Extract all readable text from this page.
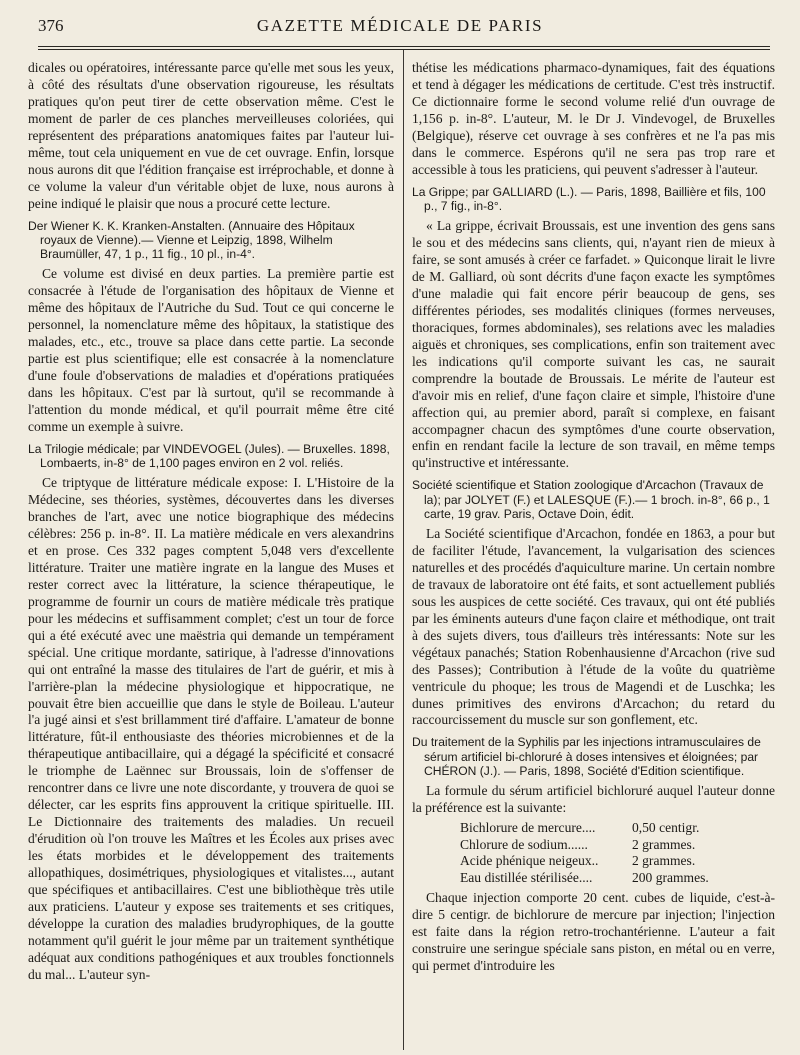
376	GAZETTE MÉDICALE DE PARIS

dicales ou opératoires, intéressante parce qu'elle met sous les yeux, à côté des résultats d'une observation rigoureuse, les résultats pratiques qu'on peut tirer de cette observation même. C'est le moment de parler de ces planches merveilleuses coloriées, qui représentent des préparations anatomiques faites par l'auteur lui-même, tout cela uniquement en vue de cet ouvrage. Enfin, lorsque nous aurons dit que l'édition française est irréprochable, et donne à ce volume la valeur d'un véritable objet de luxe, nous aurons à peine indiqué le plaisir que nous a procuré cette lecture.

Der Wiener K. K. Kranken-Anstalten. (Annuaire des Hôpitaux royaux de Vienne).— Vienne et Leipzig, 1898, Wilhelm Braumüller, 47, 1 p., 11 fig., 10 pl., in-4°.

Ce volume est divisé en deux parties. La première partie est consacrée à l'étude de l'organisation des hôpitaux de Vienne et même des hôpitaux de l'Autriche du Sud. Tout ce qui concerne le personnel, la nomenclature même des hôpitaux, la statistique des malades, etc., etc., trouve sa place dans cette partie. La seconde partie est plus scientifique; elle est consacrée à la nomenclature d'une foule d'observations de maladies et d'opérations pratiquées dans les hôpitaux. C'est par là surtout, qu'il se recommande à l'attention du monde médical, et qu'il pourrait même être cité comme un exemple à suivre.

La Trilogie médicale; par VINDEVOGEL (Jules). — Bruxelles. 1898, Lombaerts, in-8° de 1,100 pages environ en 2 vol. reliés.

Ce triptyque de littérature médicale expose: I. L'Histoire de la Médecine, ses théories, systèmes, découvertes dans les diverses branches de l'art, avec une notice biographique des médecins célèbres: 256 p. in-8°. II. La matière médicale en vers alexandrins et en prose. Ces 332 pages comptent 5,048 vers d'excellente littérature. Traiter une matière ingrate en la langue des Muses et rester correct avec la littérature, la science thérapeutique, le programme de fournir un cours de matière médicale très pratique pour les médecins et suffisamment complet; c'est un tour de force qui a été exécuté avec une maëstria qui demande un tempérament spécial. Une critique mordante, satirique, à l'adresse d'innovations qui ont entraîné la masse des titulaires de l'art de guérir, et mis à l'arrière-plan la médecine physiologique et hippocratique, ne pouvait être bien accueillie que dans le style de Boileau. L'auteur l'a jugé ainsi et s'est brillamment tiré d'affaire. L'amateur de bonne littérature, fût-il enthousiaste des théories microbiennes et de la thérapeutique antibacillaire, qui a dégagé la spécificité et consacré le triomphe de Laënnec sur Broussais, loin de s'offenser de rencontrer dans ce livre une note discordante, y trouvera de quoi se délecter, car les esprits fins approuvent la critique spirituelle. III. Le Dictionnaire des traitements des maladies. Un recueil d'érudition où l'on trouve les Maîtres et les Écoles aux prises avec les états morbides et le développement des traitements allopathiques, dosimétriques, physiologiques et vitalistes..., autant que spécifiques et antibacillaires. C'est une bibliothèque très utile aux praticiens. L'auteur y expose ses traitements et ses critiques, développe la curation des maladies brudyrophiques, de la goutte notamment qu'il guérit le jour même par un traitement synthétique adéquat aux conditions pathogéniques et aux troubles fonctionnels du mal... L'auteur syn-

thétise les médications pharmaco-dynamiques, fait des équations et tend à dégager les médications de certitude. C'est très instructif. Ce dictionnaire forme le second volume relié d'un ouvrage de 1,156 p. in-8°. L'auteur, M. le Dr J. Vindevogel, de Bruxelles (Belgique), réserve cet ouvrage à ses confrères et ne l'a pas mis dans le commerce. Espérons qu'il ne sera pas trop rare et accessible à tous les praticiens, qui peuvent s'adresser à l'auteur.

La Grippe; par GALLIARD (L.). — Paris, 1898, Baillière et fils, 100 p., 7 fig., in-8°.

« La grippe, écrivait Broussais, est une invention des gens sans le sou et des médecins sans clients, qui, n'ayant rien de mieux à faire, se sont amusés à créer ce farfadet. » Quiconque lirait le livre de M. Galliard, où sont décrits d'une façon exacte les symptômes d'une maladie qui fait encore périr beaucoup de gens, ses différentes périodes, ses modalités cliniques (formes nerveuses, thoraciques, formes abdominales), ses relations avec les maladies aiguës et chroniques, ses complications, enfin son traitement avec les indications qu'il comporte suivant les cas, ne saurait comprendre la boutade de Broussais. Le mérite de l'auteur est d'avoir mis en relief, d'une façon claire et simple, l'histoire d'une affection qui, au premier abord, paraît si complexe, en faisant accompagner chacun des symptômes d'une courte observation, enfin en rendant facile la lecture de son travail, en même temps qu'instructive et intéressante.

Société scientifique et Station zoologique d'Arcachon (Travaux de la); par JOLYET (F.) et LALESQUE (F.).— 1 broch. in-8°, 66 p., 1 carte, 19 grav. Paris, Octave Doin, édit.

La Société scientifique d'Arcachon, fondée en 1863, a pour but de faciliter l'étude, l'avancement, la vulgarisation des sciences naturelles et des procédés d'aquiculture marine. Un certain nombre de travaux de laboratoire ont été faits, et sont actuellement publiés sous les auspices de cette société. Ces travaux, qui ont été publiés par les éminents auteurs d'une façon claire et méthodique, ont trait à des sujets divers, tous d'ailleurs très intéressants: Note sur les végétaux panachés; Station Robenhausienne d'Arcachon (rive sud des Passes); Contribution à l'étude de la voûte du quatrième ventricule du phoque; les trous de Magendi et de Luschka; les dunes primitives des environs d'Arcachon; du retard du raccourcissement du muscle sur son gonflement, etc.

Du traitement de la Syphilis par les injections intramusculaires de sérum artificiel bi-chloruré à doses intensives et éloignées; par CHÉRON (J.). — Paris, 1898, Société d'Edition scientifique.

La formule du sérum artificiel bichloruré auquel l'auteur donne la préférence est la suivante:

Bichlorure de mercure....	0,50 centigr.
Chlorure de sodium......	2 grammes.
Acide phénique neigeux..	2 grammes.
Eau distillée stérilisée....	200 grammes.

Chaque injection comporte 20 cent. cubes de liquide, c'est-à-dire 5 centigr. de bichlorure de mercure par injection; l'injection est faite dans la région retro-trochantérienne. L'auteur a fait construire une seringue spéciale sans piston, en métal ou en verre, qui permet d'introduire les
